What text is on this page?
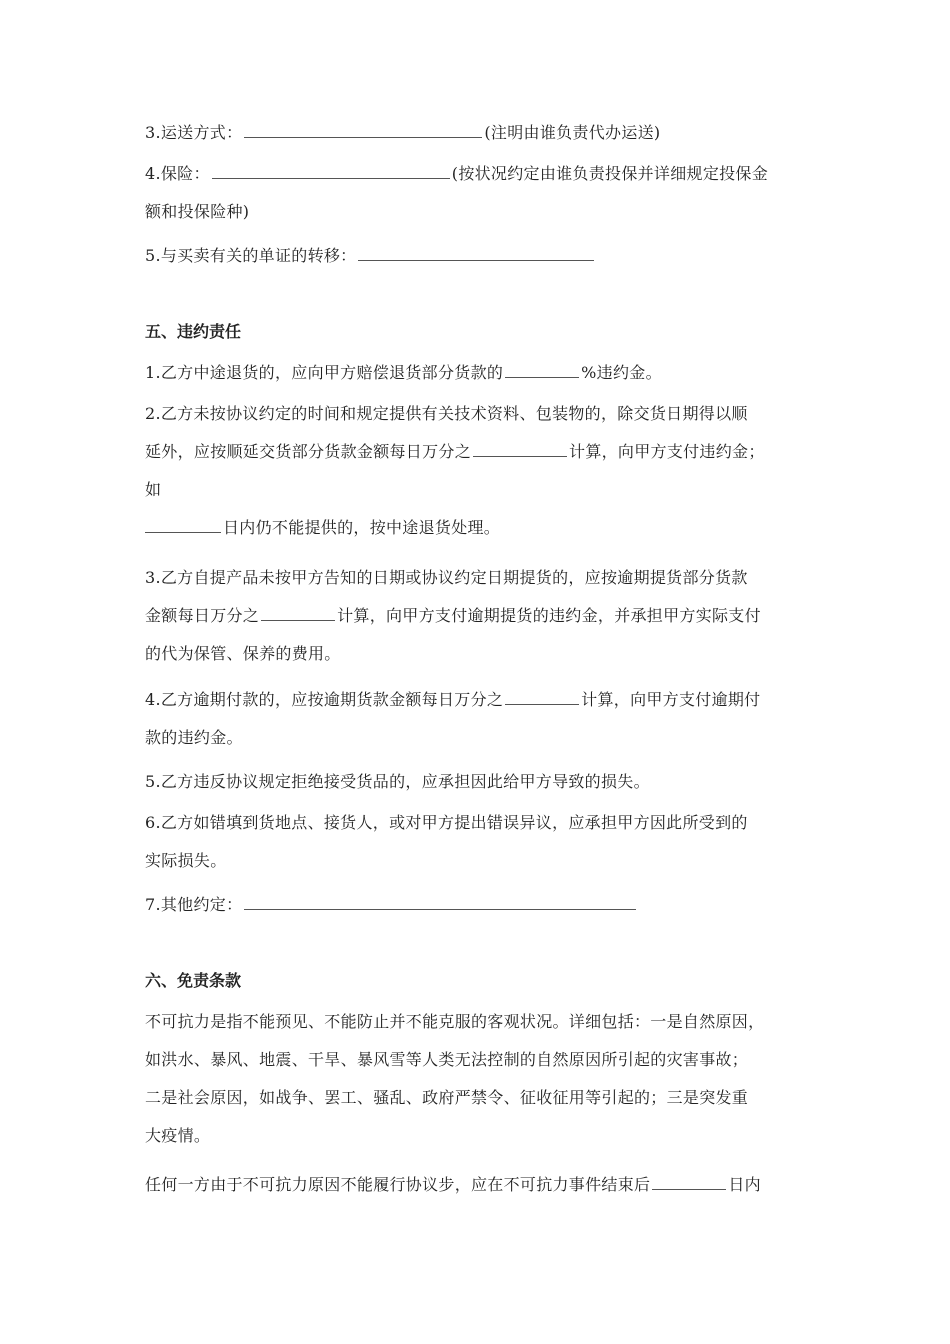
3.运送方式：	(注明由谁负责代办运送)

4.保险：	(按状况约定由谁负责投保并详细规定投保金
额和投保险种)

5.与买卖有关的单证的转移：

五、违约责任

1.乙方中途退货的，应向甲方赔偿退货部分货款的	%违约金。

2.乙方未按协议约定的时间和规定提供有关技术资料、包装物的，除交货日期得以顺
延外，应按顺延交货部分货款金额每日万分之	计算，向甲方支付违约金；
如
日内仍不能提供的，按中途退货处理。

3.乙方自提产品未按甲方告知的日期或协议约定日期提货的，应按逾期提货部分货款
金额每日万分之	计算，向甲方支付逾期提货的违约金，并承担甲方实际支付
的代为保管、保养的费用。

4.乙方逾期付款的，应按逾期货款金额每日万分之	计算，向甲方支付逾期付
款的违约金。

5.乙方违反协议规定拒绝接受货品的，应承担因此给甲方导致的损失。

6.乙方如错填到货地点、接货人，或对甲方提出错误异议，应承担甲方因此所受到的
实际损失。

7.其他约定：

六、免责条款

不可抗力是指不能预见、不能防止并不能克服的客观状况。详细包括：一是自然原因，
如洪水、暴风、地震、干旱、暴风雪等人类无法控制的自然原因所引起的灾害事故；
二是社会原因，如战争、罢工、骚乱、政府严禁令、征收征用等引起的；三是突发重
大疫情。

任何一方由于不可抗力原因不能履行协议步，应在不可抗力事件结束后	日内
